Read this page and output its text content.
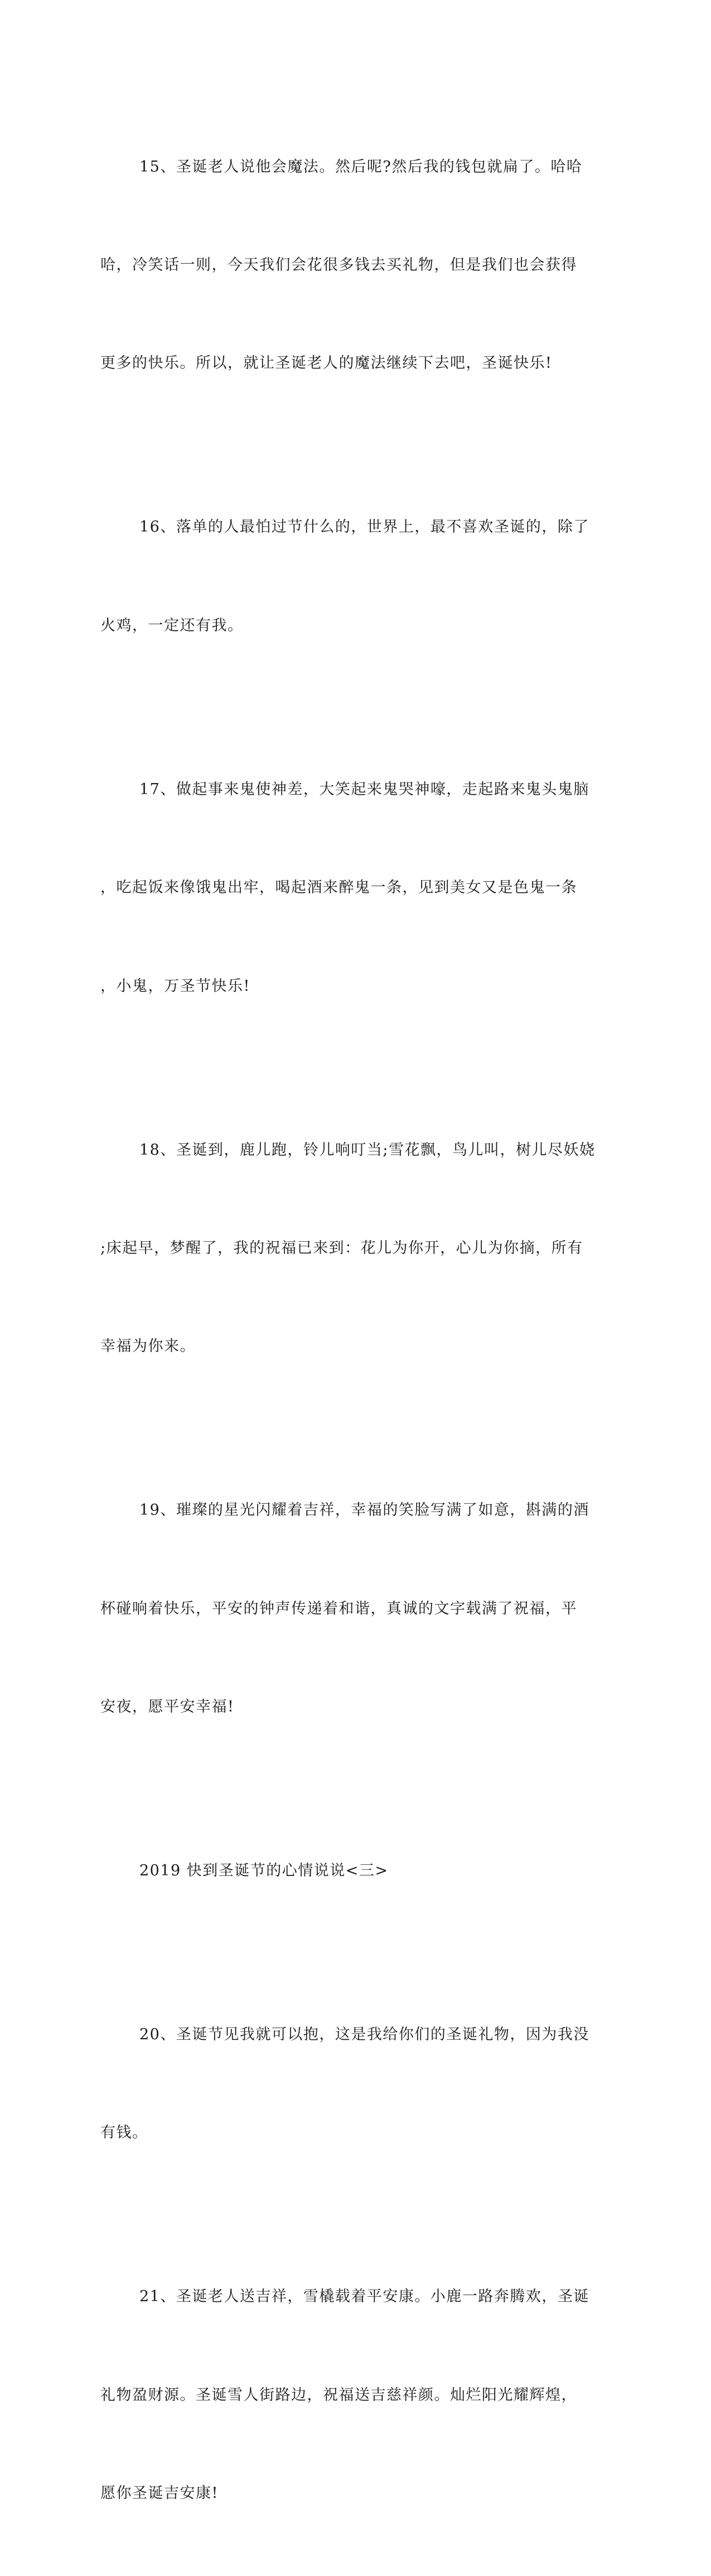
15、圣诞老人说他会魔法。然后呢?然后我的钱包就扁了。哈哈

哈，冷笑话一则，今天我们会花很多钱去买礼物，但是我们也会获得

更多的快乐。所以，就让圣诞老人的魔法继续下去吧，圣诞快乐!

16、落单的人最怕过节什么的，世界上，最不喜欢圣诞的，除了

火鸡，一定还有我。

17、做起事来鬼使神差，大笑起来鬼哭神嚎，走起路来鬼头鬼脑

，吃起饭来像饿鬼出牢，喝起酒来醉鬼一条，见到美女又是色鬼一条

，小鬼，万圣节快乐!

18、圣诞到，鹿儿跑，铃儿响叮当;雪花飘，鸟儿叫，树儿尽妖娆

;床起早，梦醒了，我的祝福已来到：花儿为你开，心儿为你摘，所有

幸福为你来。

19、璀璨的星光闪耀着吉祥，幸福的笑脸写满了如意，斟满的酒

杯碰响着快乐，平安的钟声传递着和谐，真诚的文字载满了祝福，平

安夜，愿平安幸福!

2019 快到圣诞节的心情说说<三>

20、圣诞节见我就可以抱，这是我给你们的圣诞礼物，因为我没

有钱。

21、圣诞老人送吉祥，雪橇载着平安康。小鹿一路奔腾欢，圣诞

礼物盈财源。圣诞雪人街路边，祝福送吉慈祥颜。灿烂阳光耀辉煌，

愿你圣诞吉安康!
